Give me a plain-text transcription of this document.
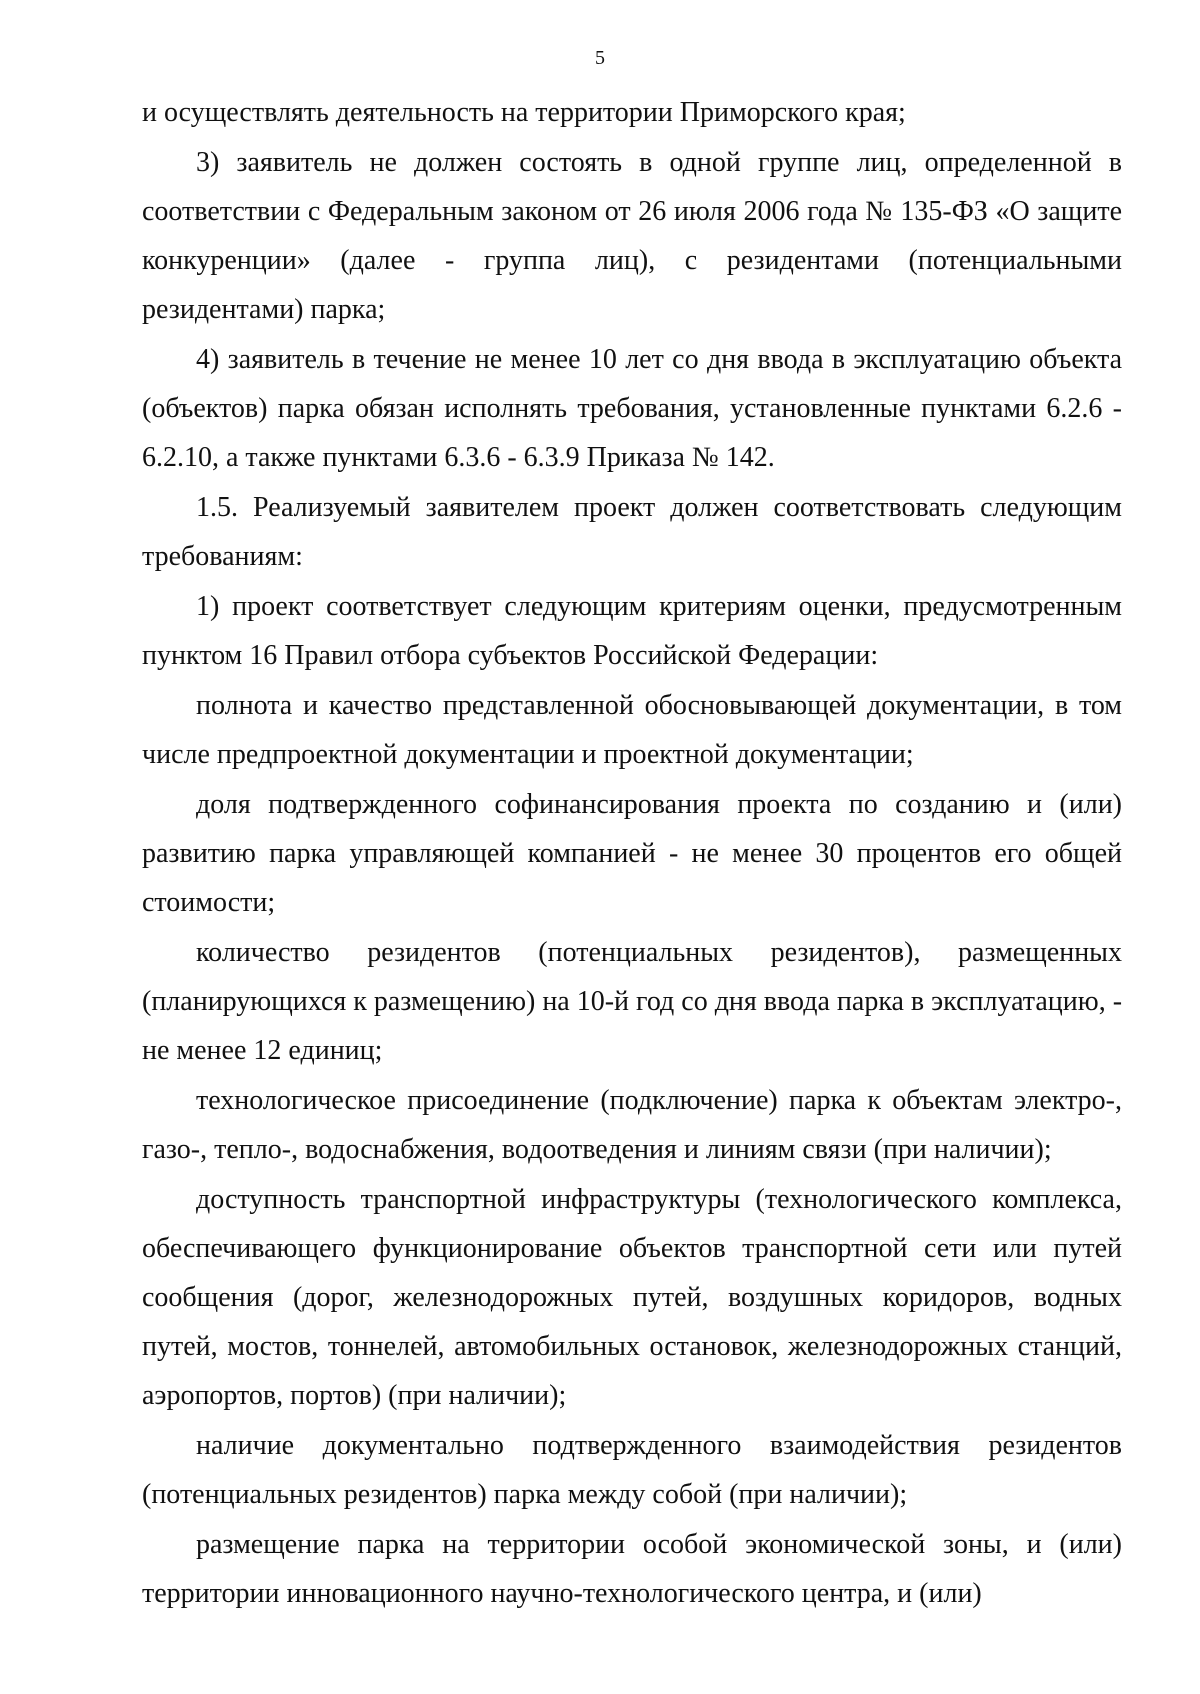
5

и осуществлять деятельность на территории Приморского края;

3) заявитель не должен состоять в одной группе лиц, определенной в соответствии с Федеральным законом от 26 июля 2006 года № 135-ФЗ «О защите конкуренции» (далее - группа лиц), с резидентами (потенциальными резидентами) парка;

4) заявитель в течение не менее 10 лет со дня ввода в эксплуатацию объекта (объектов) парка обязан исполнять требования, установленные пунктами 6.2.6 - 6.2.10, а также пунктами 6.3.6 - 6.3.9 Приказа № 142.

1.5. Реализуемый заявителем проект должен соответствовать следующим требованиям:

1) проект соответствует следующим критериям оценки, предусмотренным пунктом 16 Правил отбора субъектов Российской Федерации:

полнота и качество представленной обосновывающей документации, в том числе предпроектной документации и проектной документации;

доля подтвержденного софинансирования проекта по созданию и (или) развитию парка управляющей компанией - не менее 30 процентов его общей стоимости;

количество резидентов (потенциальных резидентов), размещенных (планирующихся к размещению) на 10-й год со дня ввода парка в эксплуатацию, - не менее 12 единиц;

технологическое присоединение (подключение) парка к объектам электро-, газо-, тепло-, водоснабжения, водоотведения и линиям связи (при наличии);

доступность транспортной инфраструктуры (технологического комплекса, обеспечивающего функционирование объектов транспортной сети или путей сообщения (дорог, железнодорожных путей, воздушных коридоров, водных путей, мостов, тоннелей, автомобильных остановок, железнодорожных станций, аэропортов, портов) (при наличии);

наличие документально подтвержденного взаимодействия резидентов (потенциальных резидентов) парка между собой (при наличии);

размещение парка на территории особой экономической зоны, и (или) территории инновационного научно-технологического центра, и (или)
